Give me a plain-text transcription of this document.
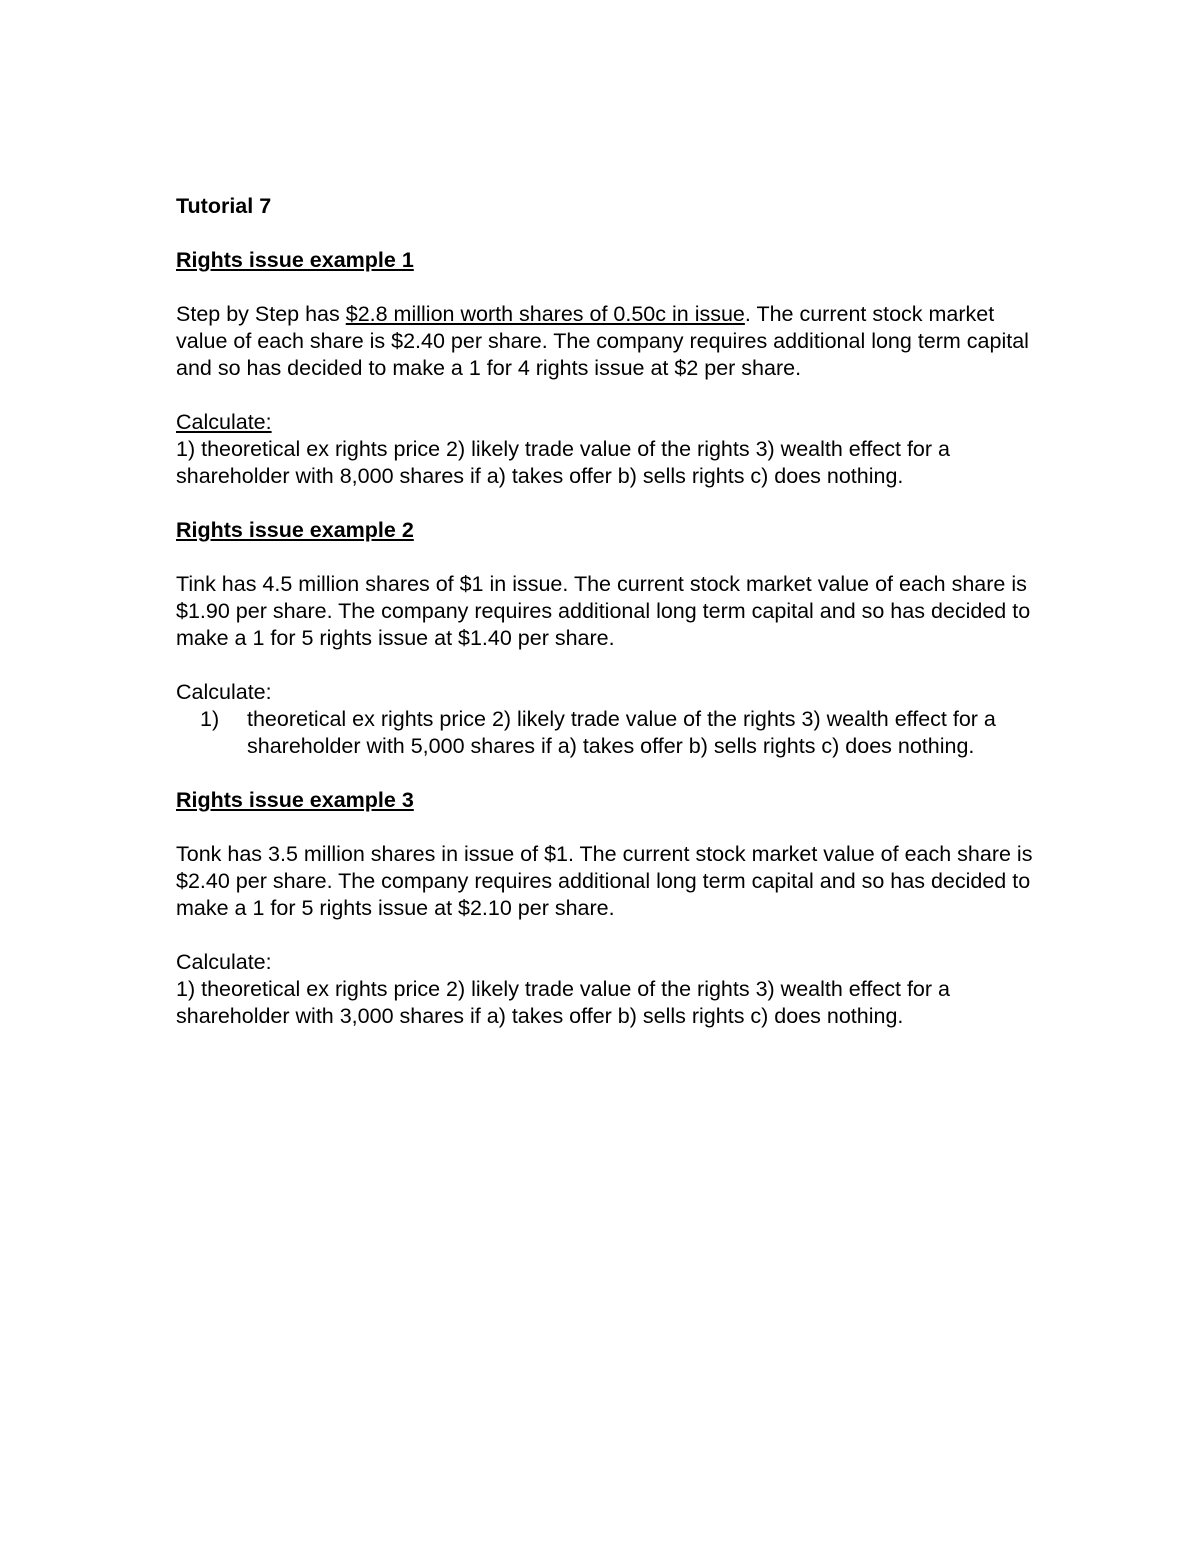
Tutorial 7
Rights issue example 1
Step by Step has $2.8 million worth shares of 0.50c in issue. The current stock market value of each share is $2.40 per share. The company requires additional long term capital and so has decided to make a 1 for 4 rights issue at $2 per share.
Calculate:
1) theoretical ex rights price 2) likely trade value of the rights 3) wealth effect for a shareholder with 8,000 shares if a) takes offer b) sells rights c) does nothing.
Rights issue example 2
Tink has 4.5 million shares of $1 in issue. The current stock market value of each share is $1.90 per share. The company requires additional long term capital and so has decided to make a 1 for 5 rights issue at $1.40 per share.
Calculate:
1) theoretical ex rights price 2) likely trade value of the rights 3) wealth effect for a shareholder with 5,000 shares if a) takes offer b) sells rights c) does nothing.
Rights issue example 3
Tonk has 3.5 million shares in issue of $1. The current stock market value of each share is $2.40 per share. The company requires additional long term capital and so has decided to make a 1 for 5 rights issue at $2.10 per share.
Calculate:
1) theoretical ex rights price 2) likely trade value of the rights 3) wealth effect for a shareholder with 3,000 shares if a) takes offer b) sells rights c) does nothing.
